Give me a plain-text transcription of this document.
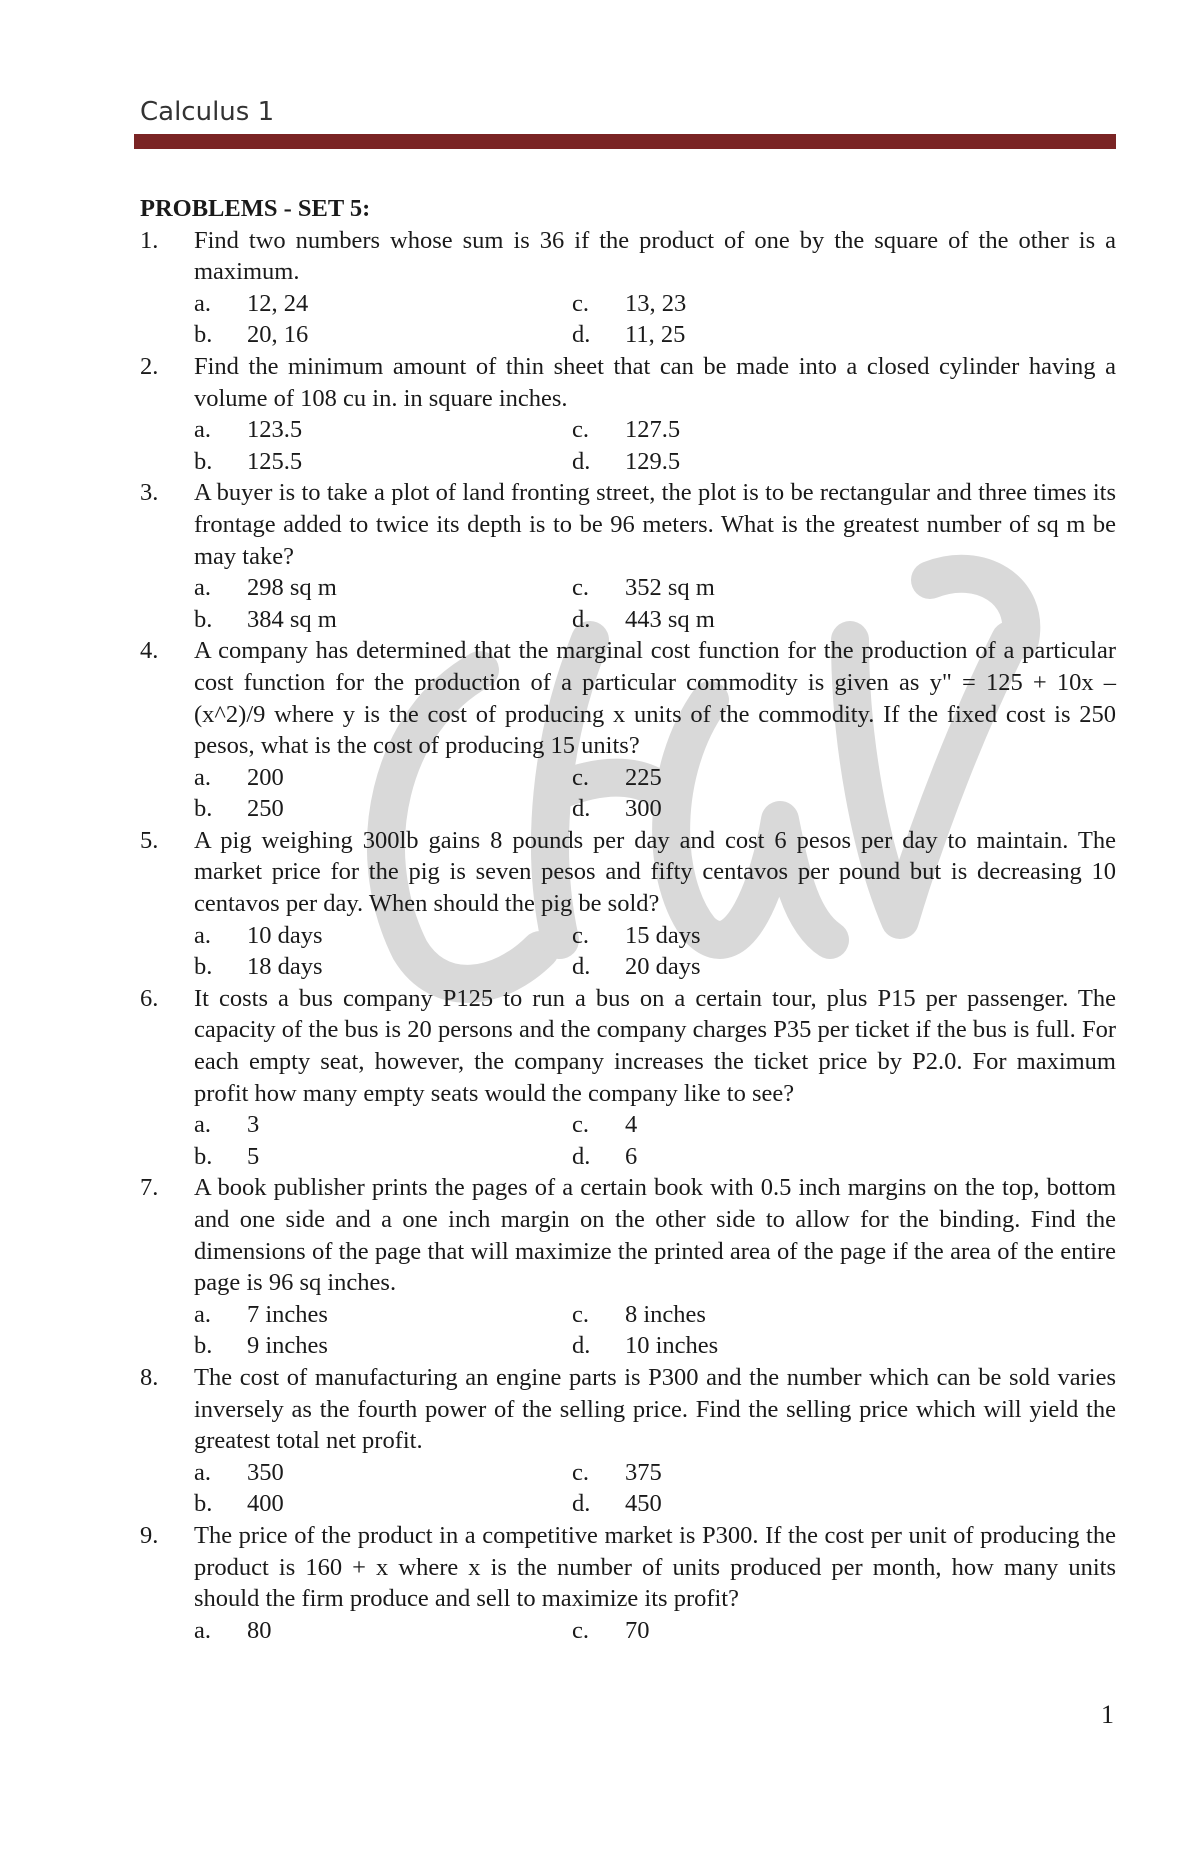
Calculus 1
PROBLEMS - SET 5:
1.	Find two numbers whose sum is 36 if the product of one by the square of the other is a maximum.
a.	12, 24	c.	13, 23
b.	20, 16	d.	11, 25
2.	Find the minimum amount of thin sheet that can be made into a closed cylinder having a volume of 108 cu in. in square inches.
a.	123.5	c.	127.5
b.	125.5	d.	129.5
3.	A buyer is to take a plot of land fronting street, the plot is to be rectangular and three times its frontage added to twice its depth is to be 96 meters. What is the greatest number of sq m be may take?
a.	298 sq m	c.	352 sq m
b.	384 sq m	d.	443 sq m
4.	A company has determined that the marginal cost function for the production of a particular cost function for the production of a particular commodity is given as y" = 125 + 10x – (x^2)/9 where y is the cost of producing x units of the commodity. If the fixed cost is 250 pesos, what is the cost of producing 15 units?
a.	200	c.	225
b.	250	d.	300
5.	A pig weighing 300lb gains 8 pounds per day and cost 6 pesos per day to maintain. The market price for the pig is seven pesos and fifty centavos per pound but is decreasing 10 centavos per day. When should the pig be sold?
a.	10 days	c.	15 days
b.	18 days	d.	20 days
6.	It costs a bus company P125 to run a bus on a certain tour, plus P15 per passenger. The capacity of the bus is 20 persons and the company charges P35 per ticket if the bus is full. For each empty seat, however, the company increases the ticket price by P2.0. For maximum profit how many empty seats would the company like to see?
a.	3	c.	4
b.	5	d.	6
7.	A book publisher prints the pages of a certain book with 0.5 inch margins on the top, bottom and one side and a one inch margin on the other side to allow for the binding. Find the dimensions of the page that will maximize the printed area of the page if the area of the entire page is 96 sq inches.
a.	7 inches	c.	8 inches
b.	9 inches	d.	10 inches
8.	The cost of manufacturing an engine parts is P300 and the number which can be sold varies inversely as the fourth power of the selling price. Find the selling price which will yield the greatest total net profit.
a.	350	c.	375
b.	400	d.	450
9.	The price of the product in a competitive market is P300. If the cost per unit of producing the product is 160 + x where x is the number of units produced per month, how many units should the firm produce and sell to maximize its profit?
a.	80	c.	70
1
